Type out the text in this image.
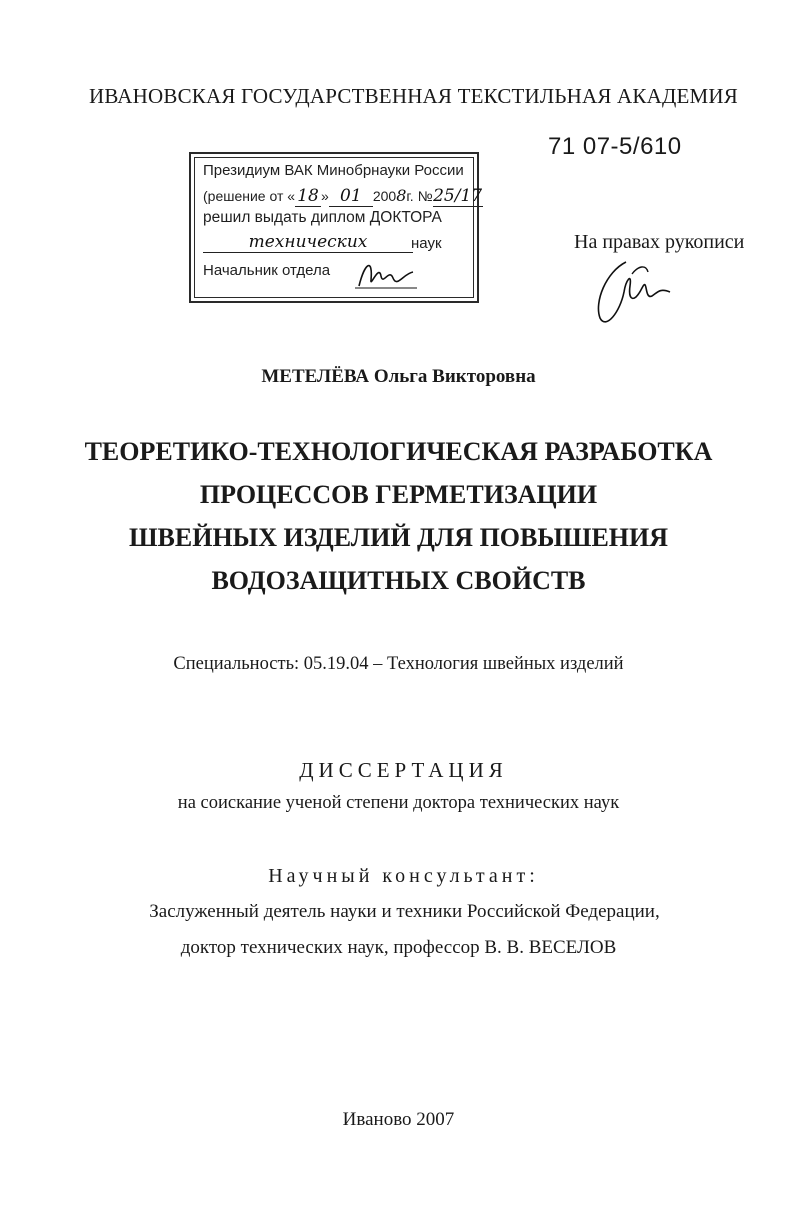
ИВАНОВСКАЯ ГОСУДАРСТВЕННАЯ ТЕКСТИЛЬНАЯ АКАДЕМИЯ
71 07-5/610
Президиум ВАК Минобрнауки России
(решение от « 18 » 01 2008г. №25/17
решил выдать диплом ДОКТОРА
технических	наук
Начальник отдела
На правах рукописи
МЕТЕЛЁВА Ольга Викторовна
ТЕОРЕТИКО-ТЕХНОЛОГИЧЕСКАЯ РАЗРАБОТКА
ПРОЦЕССОВ ГЕРМЕТИЗАЦИИ
ШВЕЙНЫХ ИЗДЕЛИЙ ДЛЯ ПОВЫШЕНИЯ
ВОДОЗАЩИТНЫХ СВОЙСТВ
Специальность: 05.19.04 – Технология швейных изделий
ДИССЕРТАЦИЯ
на соискание ученой степени доктора технических наук
Научный консультант:
Заслуженный деятель науки и техники Российской Федерации,
доктор технических наук, профессор В. В. ВЕСЕЛОВ
Иваново 2007
